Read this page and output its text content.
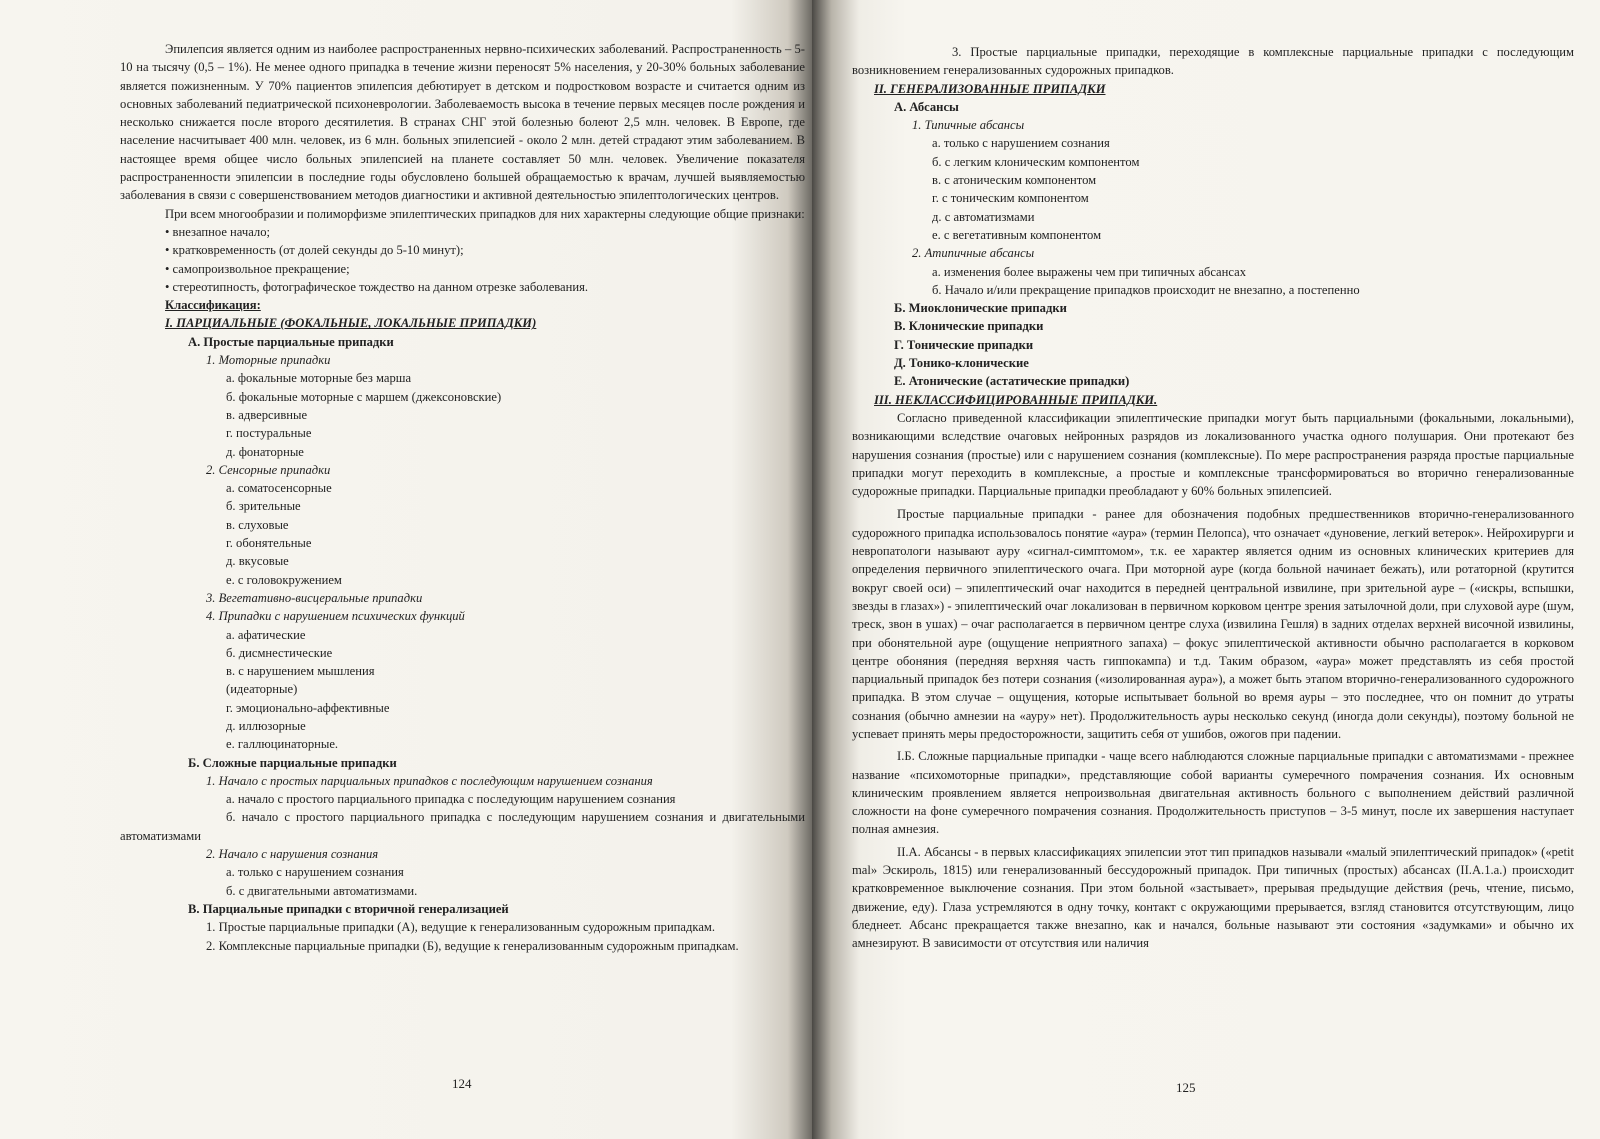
Эпилепсия является одним из наиболее распространенных нервно-психических заболеваний. Распространенность – 5-10 на тысячу (0,5 – 1%). Не менее одного припадка в течение жизни переносят 5% населения, у 20-30% больных заболевание является пожизненным. У 70% пациентов эпилепсия дебютирует в детском и подростковом возрасте и считается одним из основных заболеваний педиатрической психоневрологии. Заболеваемость высока в течение первых месяцев после рождения и несколько снижается после второго десятилетия. В странах СНГ этой болезнью болеют 2,5 млн. человек. В Европе, где население насчитывает 400 млн. человек, из 6 млн. больных эпилепсией - около 2 млн. детей страдают этим заболеванием. В настоящее время общее число больных эпилепсией на планете составляет 50 млн. человек. Увеличение показателя распространенности эпилепсии в последние годы обусловлено большей обращаемостью к врачам, лучшей выявляемостью заболевания в связи с совершенствованием методов диагностики и активной деятельностью эпилептологических центров.

При всем многообразии и полиморфизме эпилептических припадков для них характерны следующие общие признаки:

• внезапное начало;

• кратковременность (от долей секунды до 5-10 минут);

• самопроизвольное прекращение;

• стереотипность, фотографическое тождество на данном отрезке заболевания.

Классификация:

I. ПАРЦИАЛЬНЫЕ (ФОКАЛЬНЫЕ, ЛОКАЛЬНЫЕ ПРИПАДКИ)

А. Простые парциальные припадки

1. Моторные припадки

а. фокальные моторные без марша

б. фокальные моторные с маршем (джексоновские)

в. адверсивные

г. постуральные

д. фонаторные

2. Сенсорные припадки

а. соматосенсорные

б. зрительные

в. слуховые

г. обонятельные

д. вкусовые

е. с головокружением

3. Вегетативно-висцеральные припадки

4. Припадки с нарушением психических функций

а. афатические

б. дисмнестические

в. с нарушением мышления

(идеаторные)

г. эмоционально-аффективные

д. иллюзорные

е. галлюцинаторные.

Б. Сложные парциальные припадки

1. Начало с простых парциальных припадков с последующим нарушением сознания

а. начало с простого парциального припадка с последующим нарушением сознания

б. начало с простого парциального припадка с последующим нарушением сознания и двигательными автоматизмами

2. Начало с нарушения сознания

а. только с нарушением сознания

б. с двигательными автоматизмами.

В. Парциальные припадки с вторичной генерализацией

1. Простые парциальные припадки (А), ведущие к генерализованным судорожным припадкам.

2. Комплексные парциальные припадки (Б), ведущие к генерализованным судорожным припадкам.

124

3. Простые парциальные припадки, переходящие в комплексные парциальные припадки с последующим возникновением генерализованных судорожных припадков.

II. ГЕНЕРАЛИЗОВАННЫЕ ПРИПАДКИ

А. Абсансы

1. Типичные абсансы

а. только с нарушением сознания

б. с легким клоническим компонентом

в. с атоническим компонентом

г. с тоническим компонентом

д. с автоматизмами

е. с вегетативным компонентом

2. Атипичные абсансы

а. изменения более выражены чем при типичных абсансах

б. Начало и/или прекращение припадков происходит не внезапно, а постепенно

Б. Миоклонические припадки

В. Клонические припадки

Г. Тонические припадки

Д. Тонико-клонические

Е. Атонические (астатические припадки)

III. НЕКЛАССИФИЦИРОВАННЫЕ ПРИПАДКИ.

Согласно приведенной классификации эпилептические припадки могут быть парциальными (фокальными, локальными), возникающими вследствие очаговых нейронных разрядов из локализованного участка одного полушария. Они протекают без нарушения сознания (простые) или с нарушением сознания (комплексные). По мере распространения разряда простые парциальные припадки могут переходить в комплексные, а простые и комплексные трансформироваться во вторично генерализованные судорожные припадки. Парциальные припадки преобладают у 60% больных эпилепсией.

Простые парциальные припадки - ранее для обозначения подобных предшественников вторично-генерализованного судорожного припадка использовалось понятие «аура» (термин Пелопса), что означает «дуновение, легкий ветерок». Нейрохирурги и невропатологи называют ауру «сигнал-симптомом», т.к. ее характер является одним из основных клинических критериев для определения первичного эпилептического очага. При моторной ауре (когда больной начинает бежать), или ротаторной (крутится вокруг своей оси) – эпилептический очаг находится в передней центральной извилине, при зрительной ауре – («искры, вспышки, звезды в глазах») - эпилептический очаг локализован в первичном корковом центре зрения затылочной доли, при слуховой ауре (шум, треск, звон в ушах) – очаг располагается в первичном центре слуха (извилина Гешля) в задних отделах верхней височной извилины, при обонятельной ауре (ощущение неприятного запаха) – фокус эпилептической активности обычно располагается в корковом центре обоняния (передняя верхняя часть гиппокампа) и т.д. Таким образом, «аура» может представлять из себя простой парциальный припадок без потери сознания («изолированная аура»), а может быть этапом вторично-генерализованного судорожного припадка. В этом случае – ощущения, которые испытывает больной во время ауры – это последнее, что он помнит до утраты сознания (обычно амнезии на «ауру» нет). Продолжительность ауры несколько секунд (иногда доли секунды), поэтому больной не успевает принять меры предосторожности, защитить себя от ушибов, ожогов при падении.

I.Б. Сложные парциальные припадки - чаще всего наблюдаются сложные парциальные припадки с автоматизмами - прежнее название «психомоторные припадки», представляющие собой варианты сумеречного помрачения сознания. Их основным клиническим проявлением является непроизвольная двигательная активность больного с выполнением действий различной сложности на фоне сумеречного помрачения сознания. Продолжительность приступов – 3-5 минут, после их завершения наступает полная амнезия.

II.А. Абсансы - в первых классификациях эпилепсии этот тип припадков называли «малый эпилептический припадок» («petit mal» Эскироль, 1815) или генерализованный бессудорожный припадок. При типичных (простых) абсансах (II.А.1.а.) происходит кратковременное выключение сознания. При этом больной «застывает», прерывая предыдущие действия (речь, чтение, письмо, движение, еду). Глаза устремляются в одну точку, контакт с окружающими прерывается, взгляд становится отсутствующим, лицо бледнеет. Абсанс прекращается также внезапно, как и начался, больные называют эти состояния «задумками» и обычно их амнезируют. В зависимости от отсутствия или наличия

125
